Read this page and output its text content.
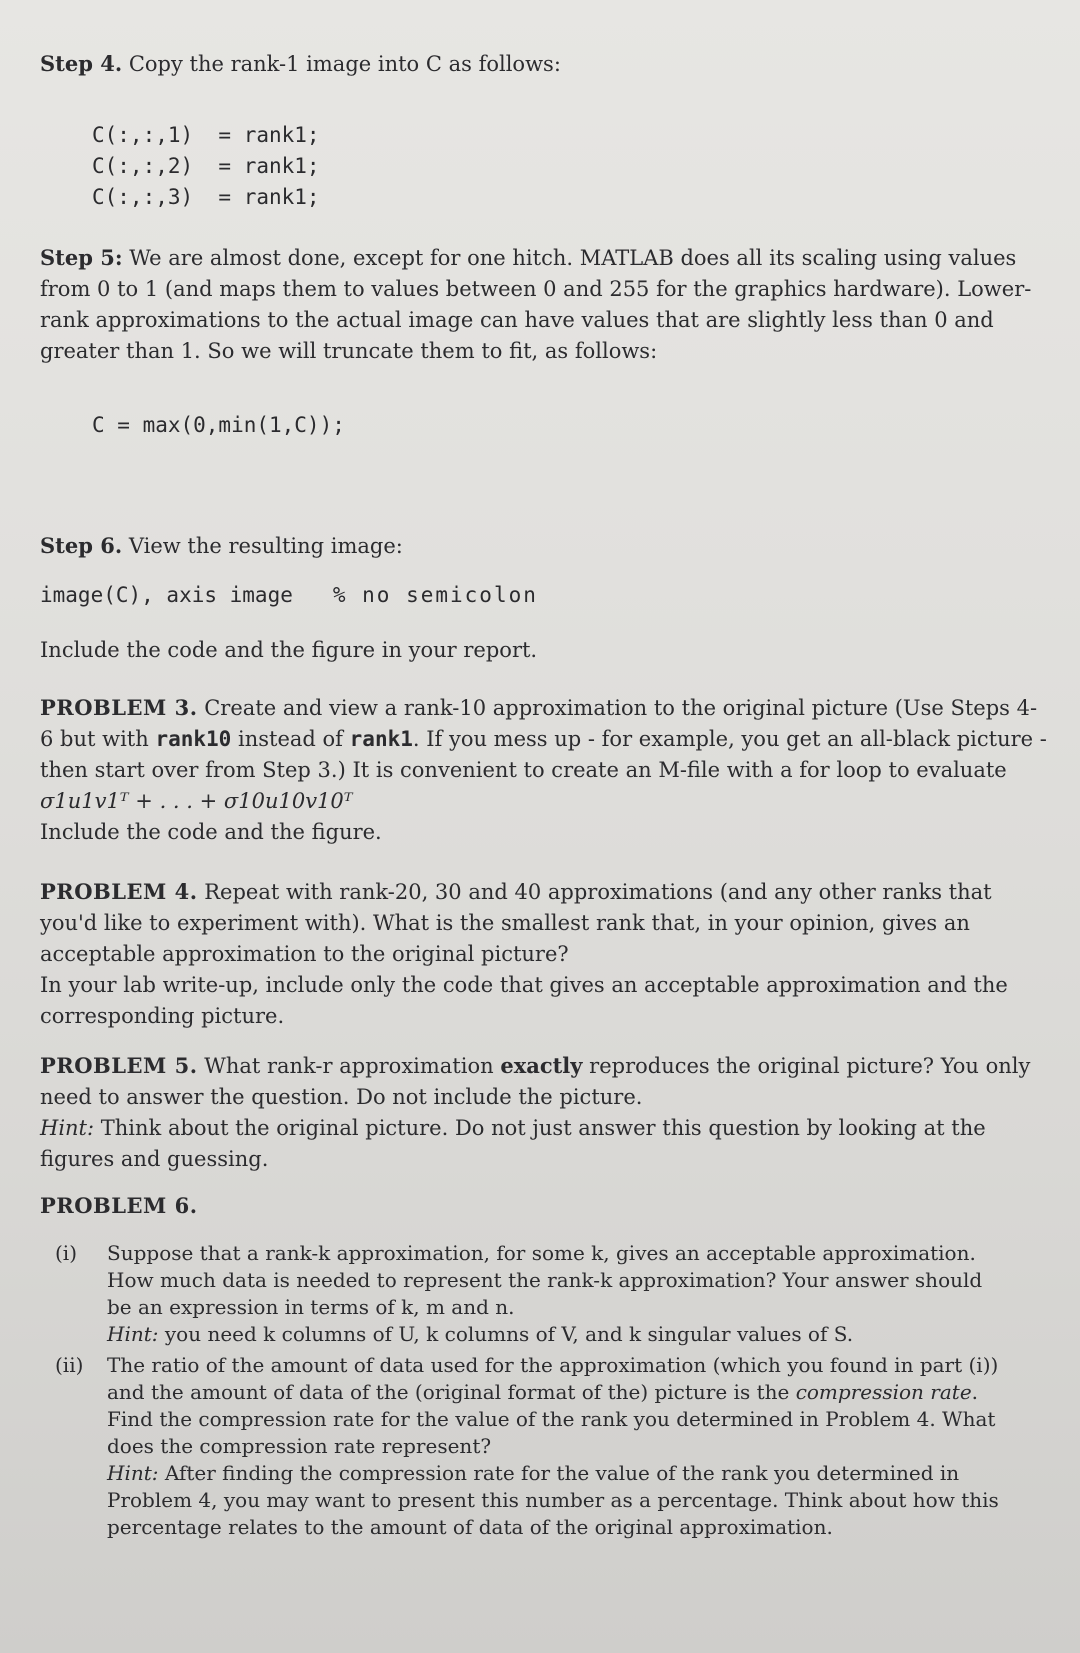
Step 4. Copy the rank-1 image into C as follows:
C(:,:,1)  = rank1;
C(:,:,2)  = rank1;
C(:,:,3)  = rank1;
Step 5: We are almost done, except for one hitch. MATLAB does all its scaling using values from 0 to 1 (and maps them to values between 0 and 255 for the graphics hardware). Lower-rank approximations to the actual image can have values that are slightly less than 0 and greater than 1. So we will truncate them to fit, as follows:
C = max(0,min(1,C));
Step 6. View the resulting image:
image(C), axis image % no semicolon
Include the code and the figure in your report.
PROBLEM 3. Create and view a rank-10 approximation to the original picture (Use Steps 4-6 but with rank10 instead of rank1. If you mess up - for example, you get an all-black picture - then start over from Step 3.) It is convenient to create an M-file with a for loop to evaluate σ1u1v1ᵀ + . . . + σ10u10v10ᵀ
Include the code and the figure.
PROBLEM 4. Repeat with rank-20, 30 and 40 approximations (and any other ranks that you'd like to experiment with). What is the smallest rank that, in your opinion, gives an acceptable approximation to the original picture?
In your lab write-up, include only the code that gives an acceptable approximation and the corresponding picture.
PROBLEM 5. What rank-r approximation exactly reproduces the original picture? You only need to answer the question. Do not include the picture.
Hint: Think about the original picture. Do not just answer this question by looking at the figures and guessing.
PROBLEM 6.
(i) Suppose that a rank-k approximation, for some k, gives an acceptable approximation. How much data is needed to represent the rank-k approximation? Your answer should be an expression in terms of k, m and n.
Hint: you need k columns of U, k columns of V, and k singular values of S.
(ii) The ratio of the amount of data used for the approximation (which you found in part (i)) and the amount of data of the (original format of the) picture is the compression rate. Find the compression rate for the value of the rank you determined in Problem 4. What does the compression rate represent?
Hint: After finding the compression rate for the value of the rank you determined in Problem 4, you may want to present this number as a percentage. Think about how this percentage relates to the amount of data of the original approximation.
